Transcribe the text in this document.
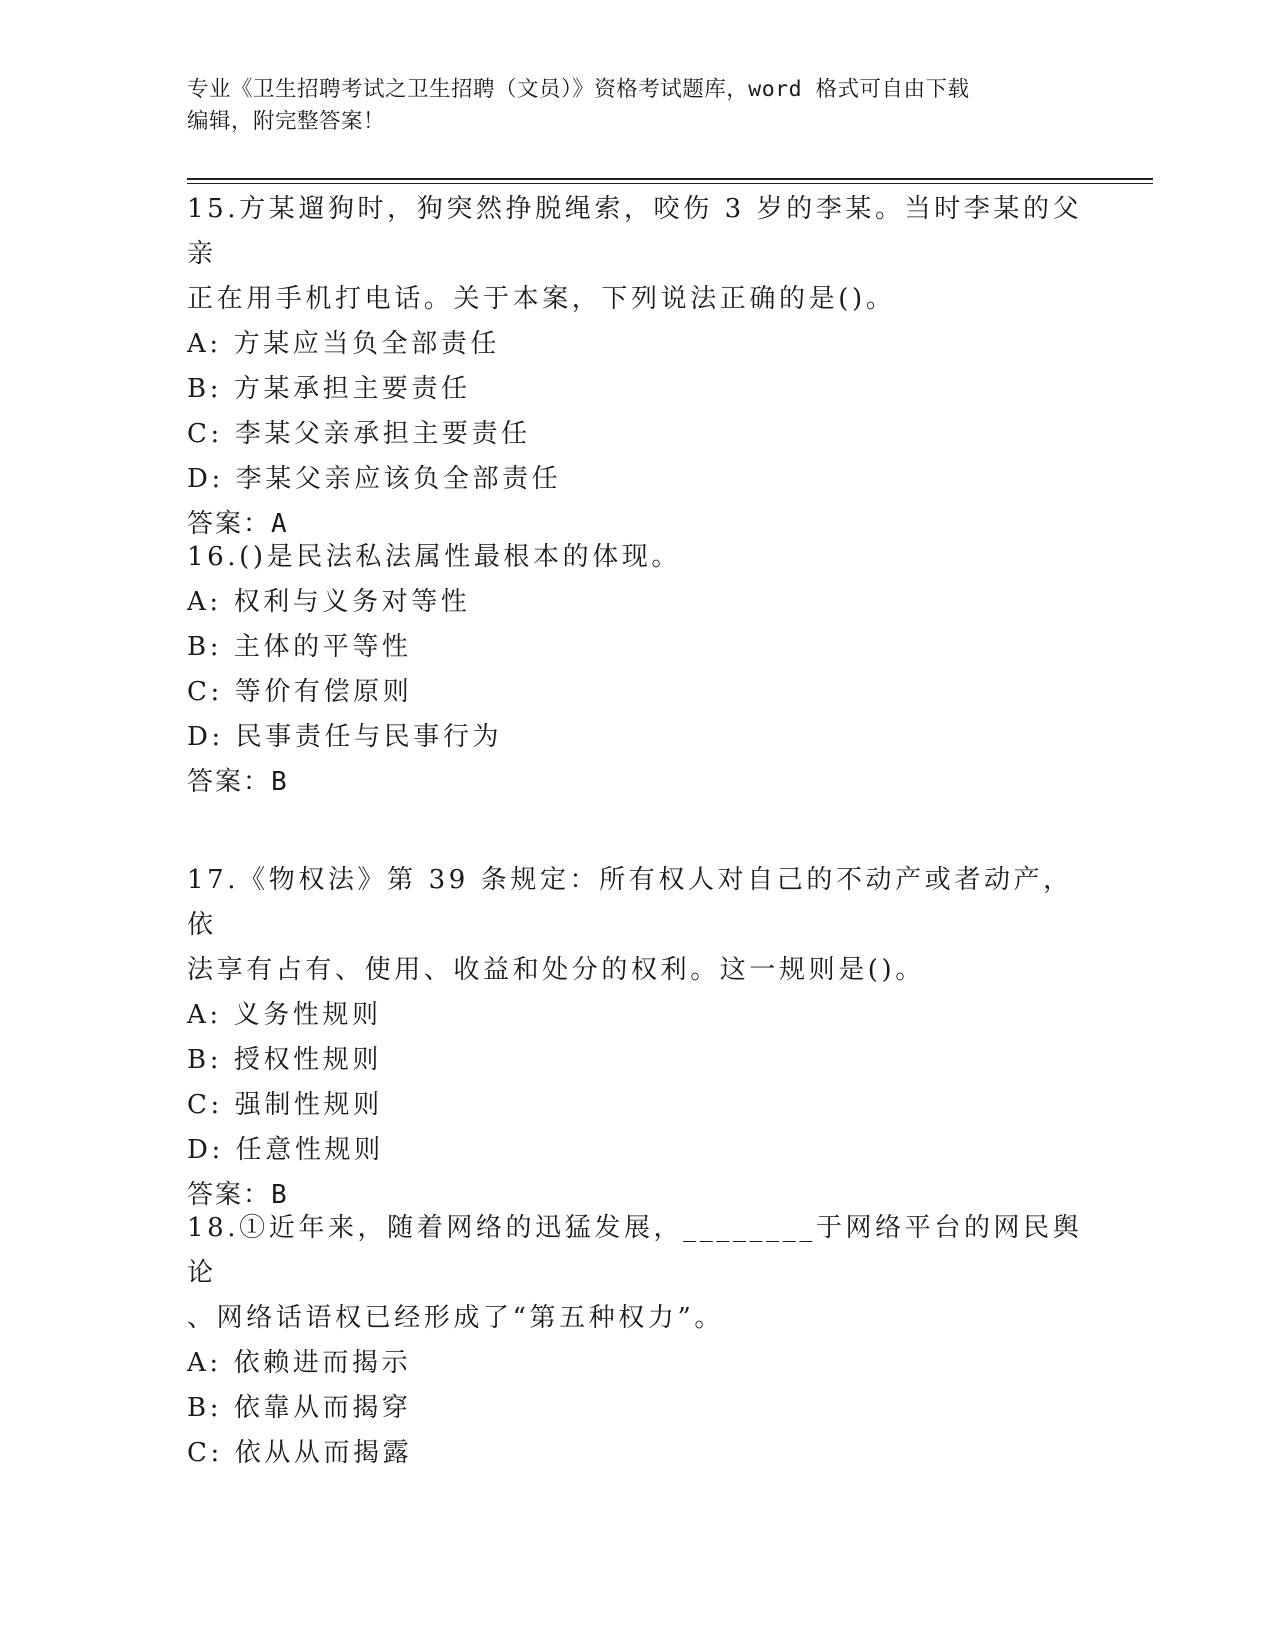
专业《卫生招聘考试之卫生招聘（文员）》资格考试题库，word 格式可自由下载
编辑，附完整答案！

15.方某遛狗时，狗突然挣脱绳索，咬伤 3 岁的李某。当时李某的父亲

正在用手机打电话。关于本案，下列说法正确的是()。

A: 方某应当负全部责任

B: 方某承担主要责任

C: 李某父亲承担主要责任

D: 李某父亲应该负全部责任

答案：A

16.()是民法私法属性最根本的体现。

A: 权利与义务对等性

B: 主体的平等性

C: 等价有偿原则

D: 民事责任与民事行为

答案：B

17.《物权法》第 39 条规定：所有权人对自己的不动产或者动产，依

法享有占有、使用、收益和处分的权利。这一规则是()。

A: 义务性规则

B: 授权性规则

C: 强制性规则

D: 任意性规则

答案：B

18.①近年来，随着网络的迅猛发展，________于网络平台的网民舆论

、网络话语权已经形成了“第五种权力”。

A: 依赖进而揭示

B: 依靠从而揭穿

C: 依从从而揭露
